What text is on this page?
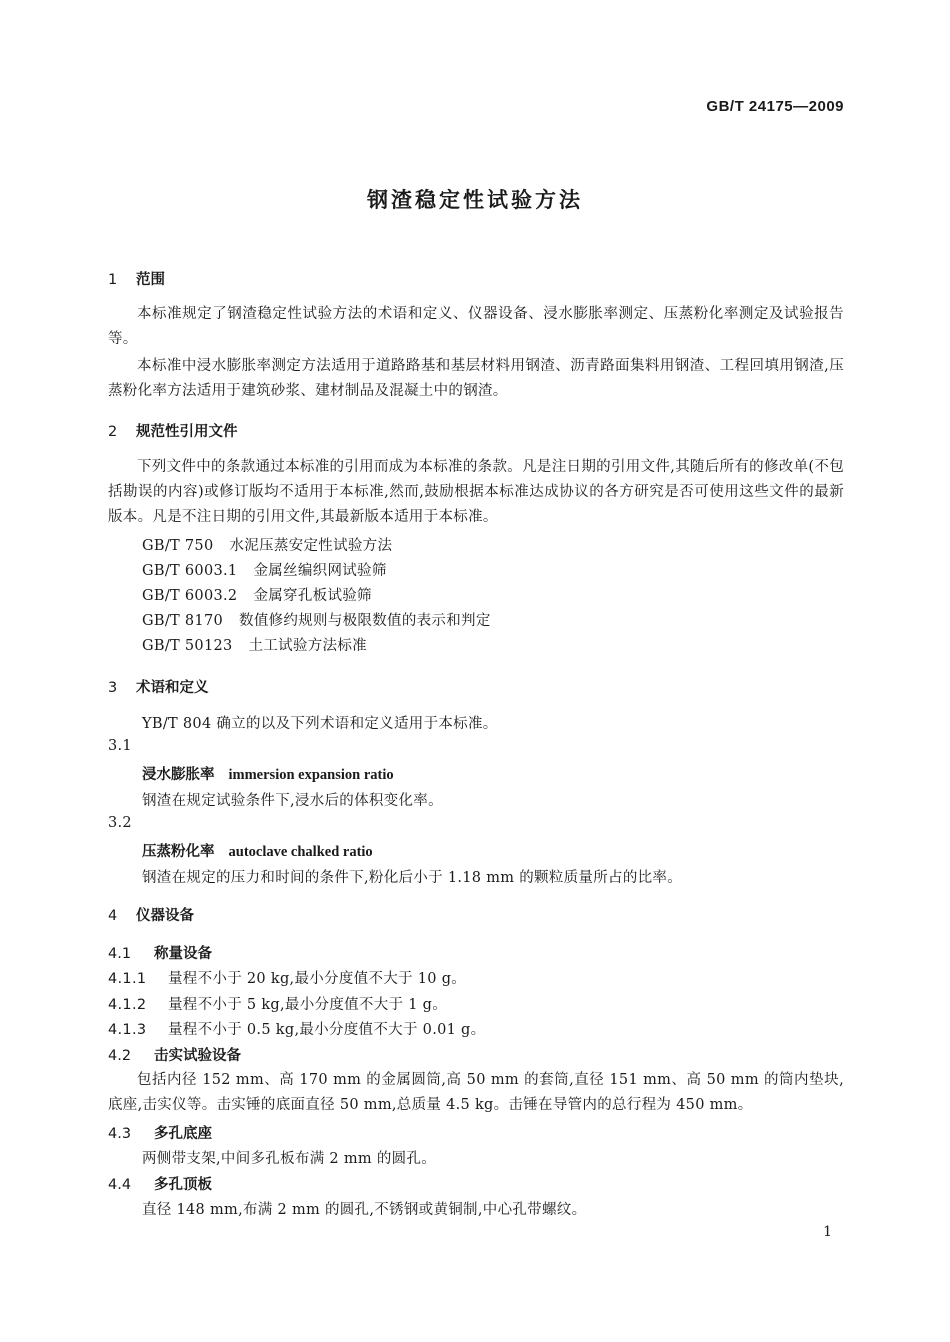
GB/T 24175—2009
钢渣稳定性试验方法
1 范围
本标准规定了钢渣稳定性试验方法的术语和定义、仪器设备、浸水膨胀率测定、压蒸粉化率测定及试验报告等。
本标准中浸水膨胀率测定方法适用于道路路基和基层材料用钢渣、沥青路面集料用钢渣、工程回填用钢渣,压蒸粉化率方法适用于建筑砂浆、建材制品及混凝土中的钢渣。
2 规范性引用文件
下列文件中的条款通过本标准的引用而成为本标准的条款。凡是注日期的引用文件,其随后所有的修改单(不包括勘误的内容)或修订版均不适用于本标准,然而,鼓励根据本标准达成协议的各方研究是否可使用这些文件的最新版本。凡是不注日期的引用文件,其最新版本适用于本标准。
GB/T 750 水泥压蒸安定性试验方法
GB/T 6003.1 金属丝编织网试验筛
GB/T 6003.2 金属穿孔板试验筛
GB/T 8170 数值修约规则与极限数值的表示和判定
GB/T 50123 土工试验方法标准
3 术语和定义
YB/T 804 确立的以及下列术语和定义适用于本标准。
3.1
浸水膨胀率 immersion expansion ratio
钢渣在规定试验条件下,浸水后的体积变化率。
3.2
压蒸粉化率 autoclave chalked ratio
钢渣在规定的压力和时间的条件下,粉化后小于 1.18 mm 的颗粒质量所占的比率。
4 仪器设备
4.1 称量设备
4.1.1 量程不小于 20 kg,最小分度值不大于 10 g。
4.1.2 量程不小于 5 kg,最小分度值不大于 1 g。
4.1.3 量程不小于 0.5 kg,最小分度值不大于 0.01 g。
4.2 击实试验设备
包括内径 152 mm、高 170 mm 的金属圆筒,高 50 mm 的套筒,直径 151 mm、高 50 mm 的筒内垫块,底座,击实仪等。击实锤的底面直径 50 mm,总质量 4.5 kg。击锤在导管内的总行程为 450 mm。
4.3 多孔底座
两侧带支架,中间多孔板布满 2 mm 的圆孔。
4.4 多孔顶板
直径 148 mm,布满 2 mm 的圆孔,不锈钢或黄铜制,中心孔带螺纹。
1
